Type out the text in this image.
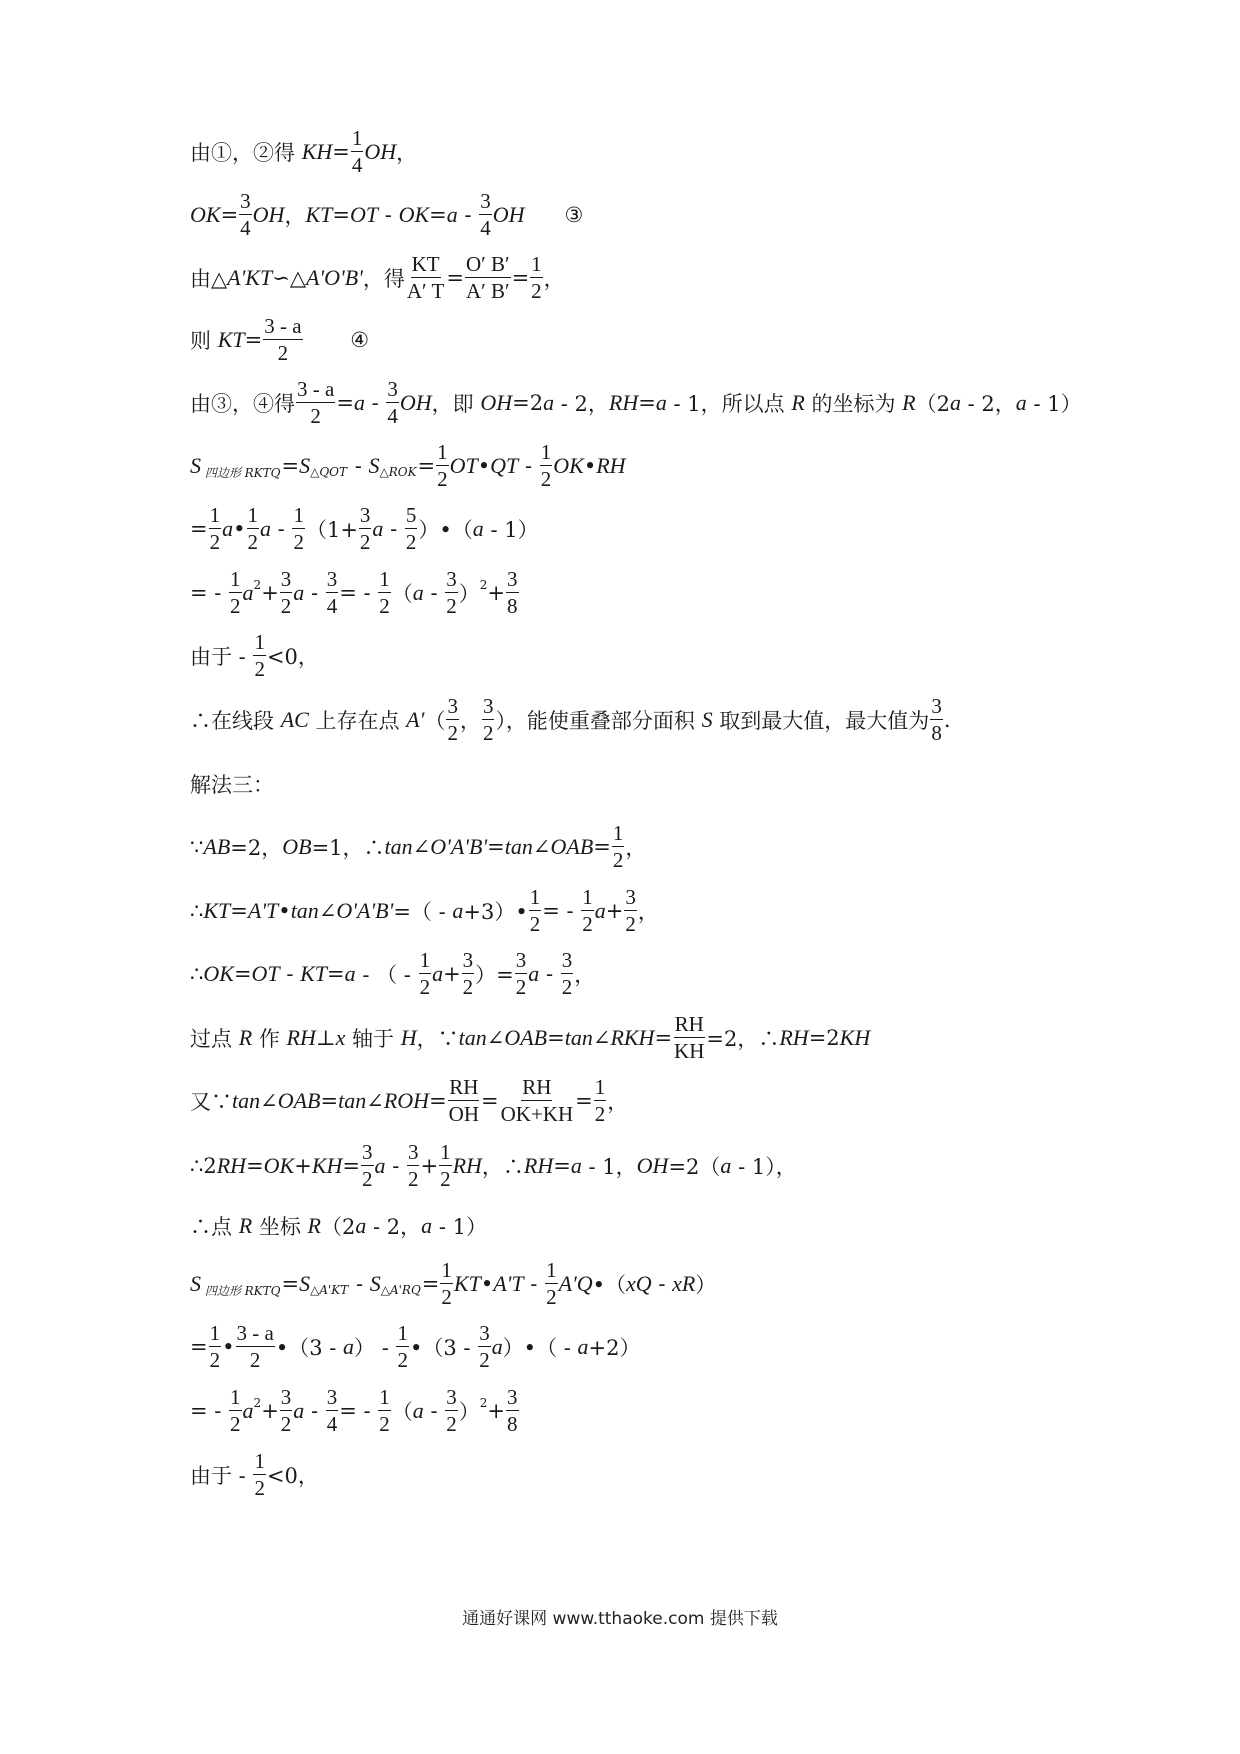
由①，②得 KH = $\frac{1}{4}$ OH ，
OK = $\frac{3}{4}$ OH ， KT = OT - OK = a - $\frac{3}{4}$ OH ③
由△ A'KT ∽△ A'O'B' ，得 $\frac{KT}{A' T} = \frac{O' B'}{A' B'} = \frac{1}{2}$ ，
则 KT = $\frac{3 - a}{2}$ ④
由③，④得 $\frac{3 - a}{2} = a - \frac{3}{4}$ OH ，即 OH =2 a - 2， RH = a - 1，所以点 R 的坐标为 R （2 a - 2， a - 1）
S 四边形 RKTQ = S △QOT - S △ROK = $\frac{1}{2}$ OT • QT - $\frac{1}{2}$ OK • RH
= $\frac{1}{2}$ a • $\frac{1}{2}$ $a - \frac{1}{2} (1+ \frac{3}{2}$ a - $\frac{5}{2}$ ）•（ a - 1）
= - $\frac{1}{2}$ a $2 + \frac{3}{2}$ a - $\frac{3}{4}$ = - $\frac{1}{2}$ （ a - $\frac{3}{2}$ ） $2 + \frac{3}{8}$
由于 - $\frac{1}{2} <0$，
∴在线段 AC 上存在点 A′ （ $\frac{3}{2}$ ， $\frac{3}{2}$ ），能使重叠部分面积 S 取到最大值，最大值为 $\frac{3}{8}$ .
解法三：
∵ AB =2， OB =1，∴ tan ∠ O'A'B' = tan ∠ OAB = $\frac{1}{2}$ ，
∴ KT = A'T • tan ∠ O'A'B' =（ - a +3）• $\frac{1}{2}$ = - $\frac{1}{2}$ $a + \frac{3}{2}$ ，
∴ OK = OT - KT = a - （ - $\frac{1}{2}$ $a + \frac{3}{2}$ ）= $\frac{3}{2}$ a - $\frac{3}{2}$ ，
过点 R 作 RH ⊥ x 轴于 H ，∵ tan ∠ OAB = tan ∠ RKH = $\frac{RH}{KH} =2$，∴ RH =2 KH
又∵ tan ∠ OAB = tan ∠ ROH = $\frac{RH}{OH} = \frac{RH}{OK+KH} = \frac{1}{2}$ ，
∴2 RH = OK + KH = $\frac{3}{2}$ $a - \frac{3}{2} + \frac{1}{2}$ RH ，∴ RH = a - 1， OH =2（ a - 1），
∴点 R 坐标 R （2 a - 2， a - 1）
S 四边形 RKTQ = S △A'KT - S △A'RQ = $\frac{1}{2}$ KT • $A'T - \frac{1}{2} A'Q$ •（ xQ - xR ）
= $\frac{1}{2}$ • $\frac{3 - a}{2}$ •（3 - a ） - $\frac{1}{2}$ •（3 - $\frac{3}{2}$ a ）•（ - a +2）
= - $\frac{1}{2}$ a $2 + \frac{3}{2}$ a - $\frac{3}{4}$ = - $\frac{1}{2}$ （ a - $\frac{3}{2}$ ） $2 + \frac{3}{8}$
由于 - $\frac{1}{2} <0$，
通通好课网 www.tthaoke.com 提供下载
